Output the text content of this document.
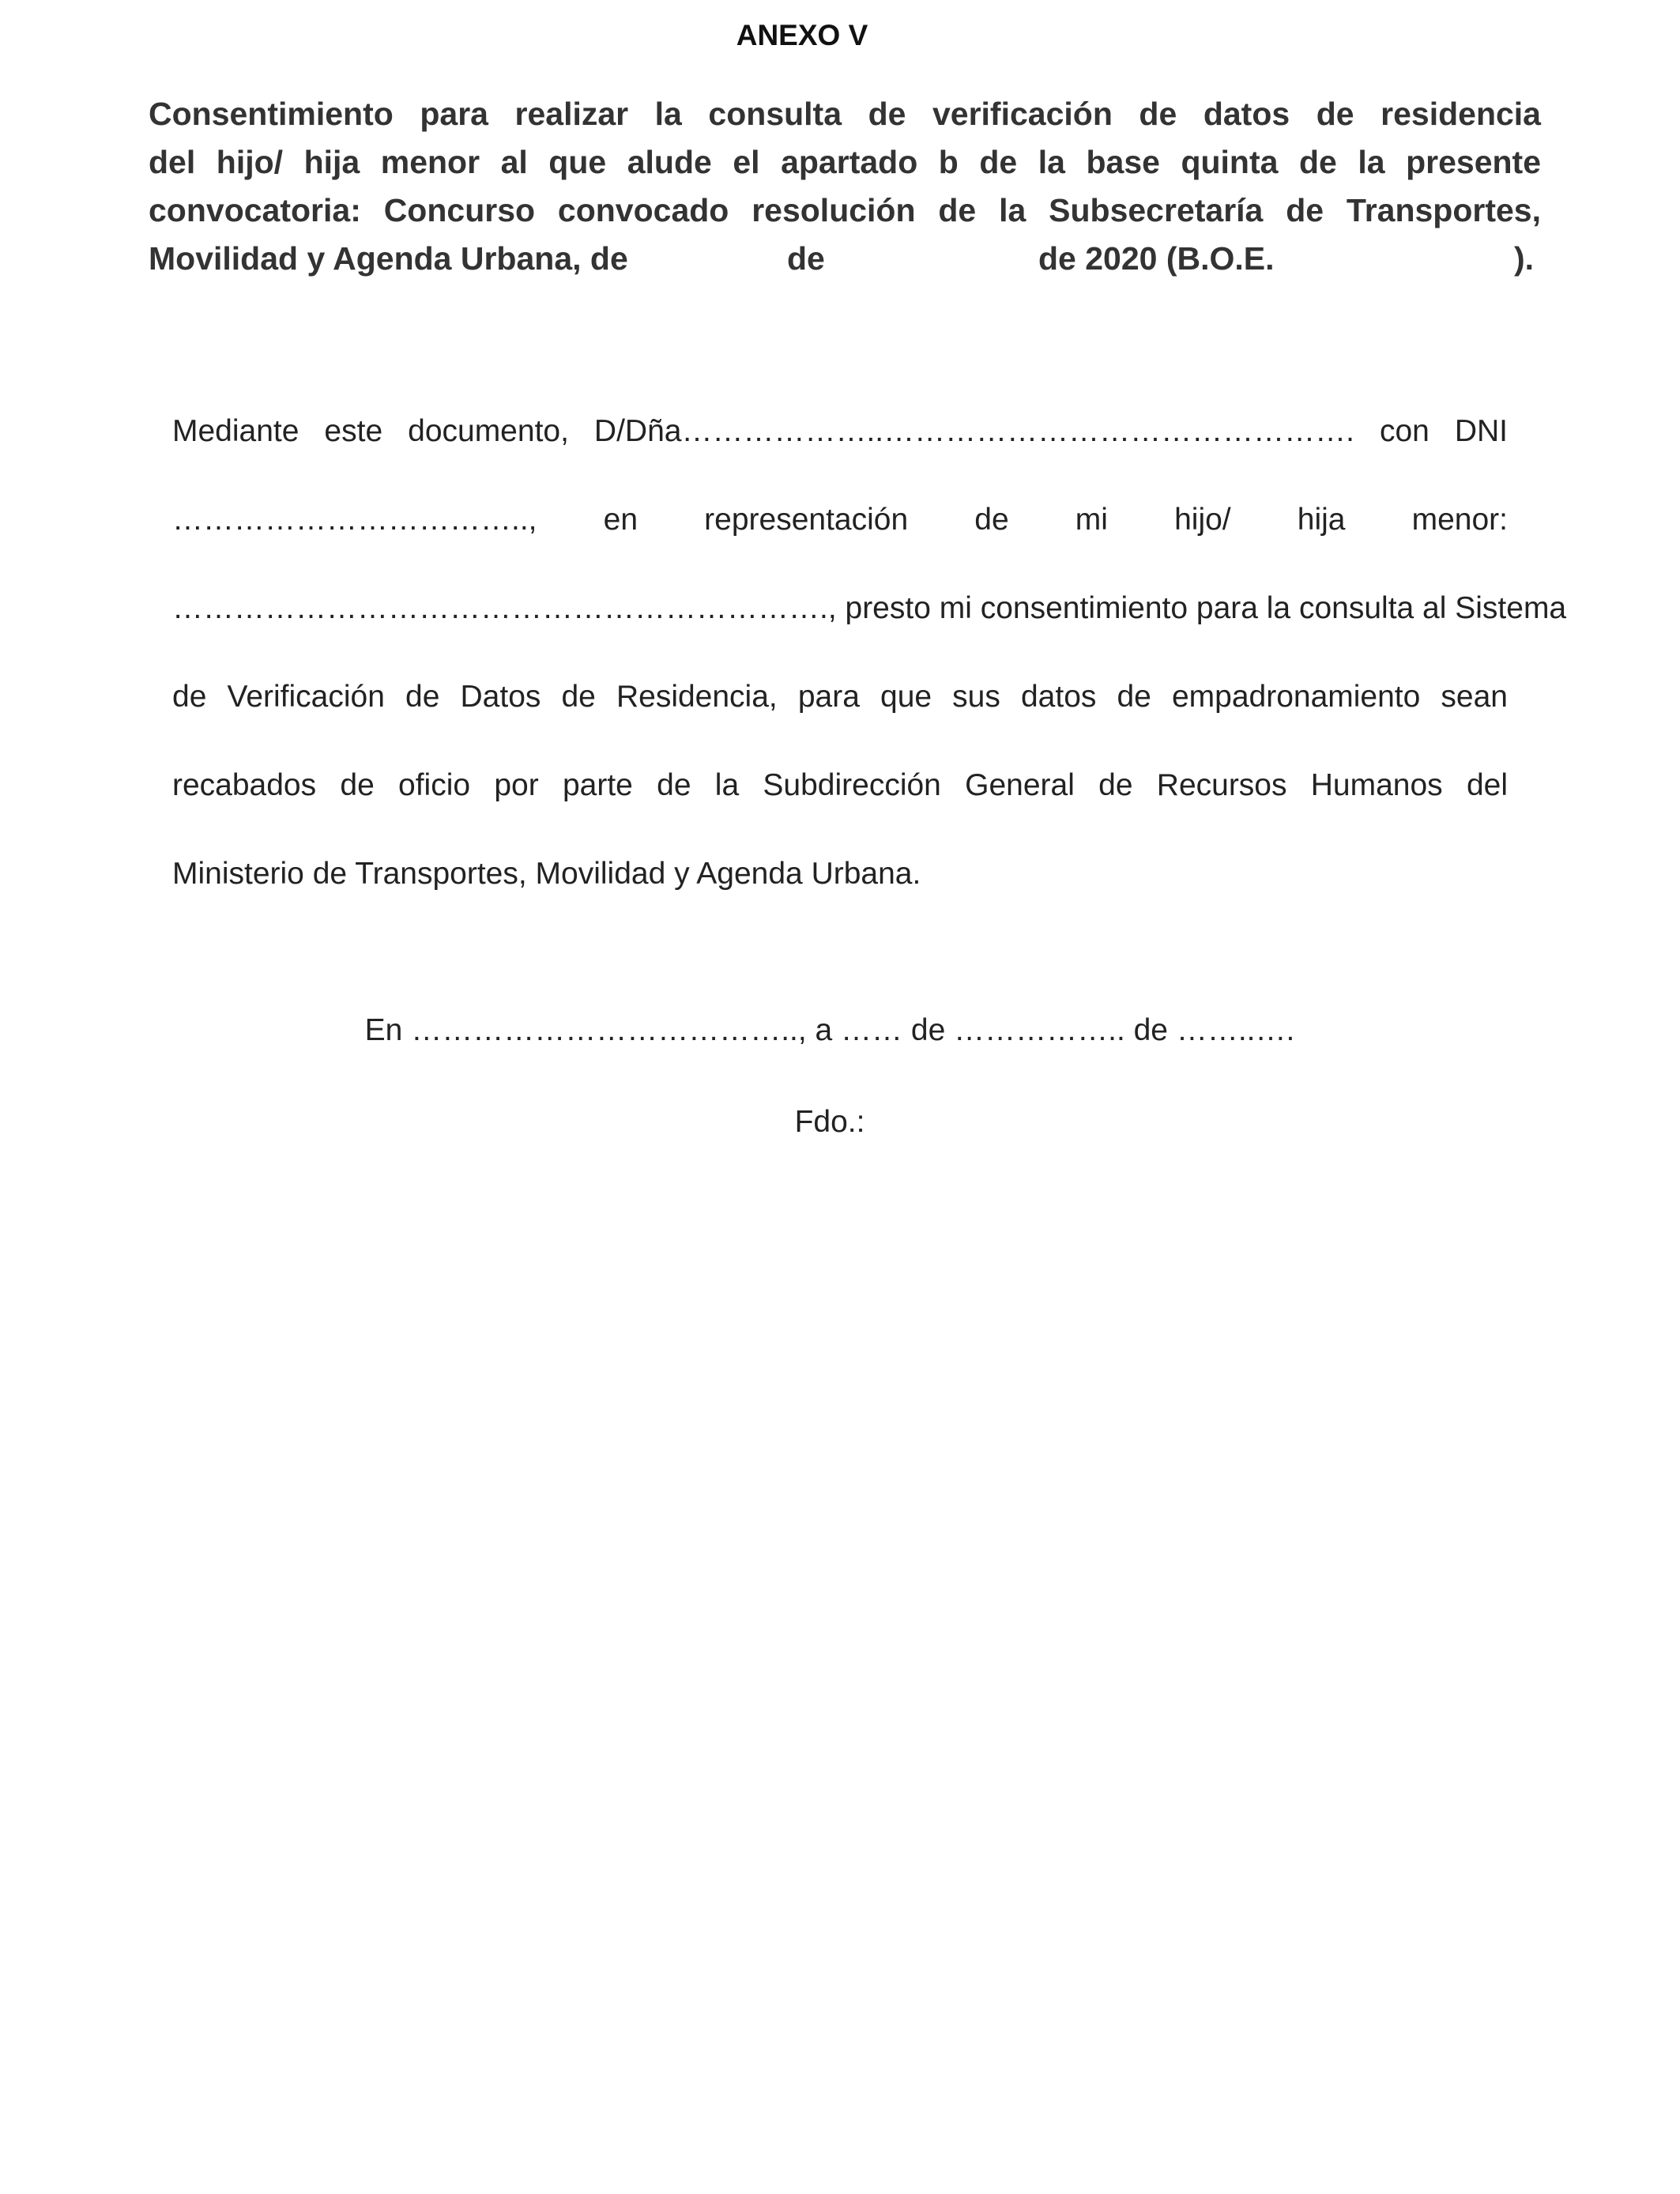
ANEXO V
Consentimiento para realizar la consulta de verificación de datos de residencia
del hijo/ hija menor al que alude el apartado b de la base quinta de la presente
convocatoria: Concurso convocado resolución de la Subsecretaría de Transportes,
Movilidad y Agenda Urbana, de	de	de 2020 (B.O.E.	).
Mediante este documento, D/Dña………………..………………………………………. con DNI
…………………………….., en representación de mi hijo/ hija menor:
………………………………………………………., presto mi consentimiento para la consulta al Sistema
de Verificación de Datos de Residencia, para que sus datos de empadronamiento sean
recabados de oficio por parte de la Subdirección General de Recursos Humanos del
Ministerio de Transportes, Movilidad y Agenda Urbana.
En ……………………………….., a …… de …………….. de ……..….
Fdo.:
